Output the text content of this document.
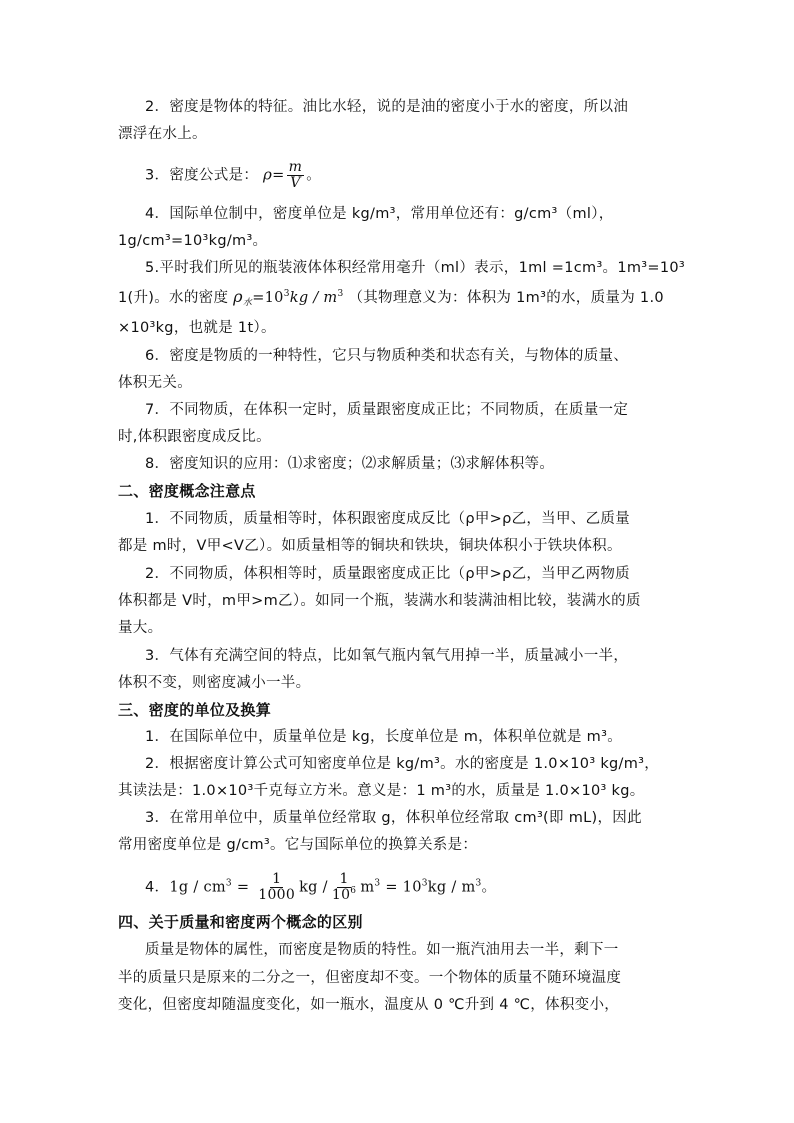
2．密度是物体的特征。油比水轻，说的是油的密度小于水的密度，所以油
漂浮在水上。
3．密度公式是： $\rho= \frac{m}{V}$ 。
4．国际单位制中，密度单位是 kg/m³，常用单位还有：g/cm³（ml），
1g/cm³=10³kg/m³。
5.平时我们所见的瓶装液体体积经常用毫升（ml）表示，1ml =1cm³。1m³=10³
1(升)。水的密度 $\rho_水=10^3kg / m^3$ （其物理意义为：体积为 1m³的水，质量为 1.0
×10³kg，也就是 1t）。
6．密度是物质的一种特性，它只与物质种类和状态有关，与物体的质量、
体积无关。
7．不同物质，在体积一定时，质量跟密度成正比；不同物质，在质量一定
时,体积跟密度成反比。
8．密度知识的应用：⑴求密度；⑵求解质量；⑶求解体积等。
二、密度概念注意点
1．不同物质，质量相等时，体积跟密度成反比（ρ甲>ρ乙，当甲、乙质量
都是 m时，V甲<V乙）。如质量相等的铜块和铁块，铜块体积小于铁块体积。
2．不同物质，体积相等时，质量跟密度成正比（ρ甲>ρ乙，当甲乙两物质
体积都是 V时，m甲>m乙）。如同一个瓶，装满水和装满油相比较，装满水的质
量大。
3．气体有充满空间的特点，比如氧气瓶内氧气用掉一半，质量减小一半，
体积不变，则密度减小一半。
三、密度的单位及换算
1．在国际单位中，质量单位是 kg，长度单位是 m，体积单位就是 m³。
2．根据密度计算公式可知密度单位是 kg/m³。水的密度是 1.0×10³ kg/m³，
其读法是：1.0×10³千克每立方米。意义是：1 m³的水，质量是 1.0×10³ kg。
3．在常用单位中，质量单位经常取 g，体积单位经常取 cm³(即 mL)，因此
常用密度单位是 g/cm³。它与国际单位的换算关系是：
4．$1g / cm^3 = \frac{1}{1000}$ kg / $\frac{1}{10^6} m^3 = 10^3kg / m^3$。
四、关于质量和密度两个概念的区别
质量是物体的属性，而密度是物质的特性。如一瓶汽油用去一半，剩下一
半的质量只是原来的二分之一，但密度却不变。一个物体的质量不随环境温度
变化，但密度却随温度变化，如一瓶水，温度从 0 ℃升到 4 ℃，体积变小，
